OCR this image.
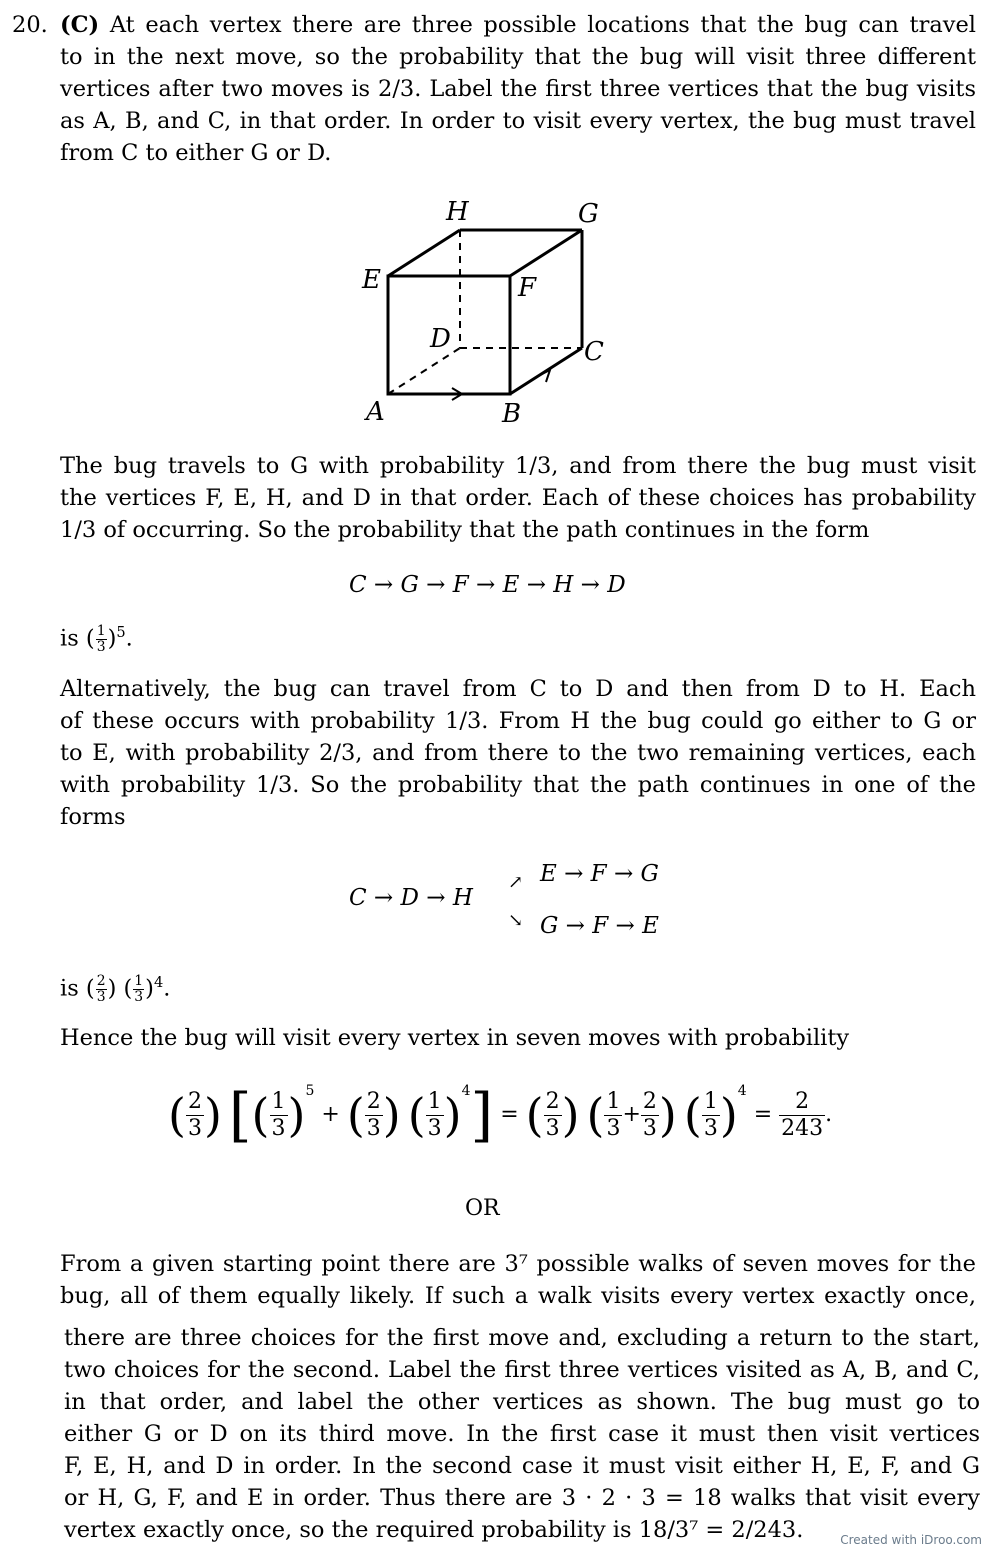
20. (C) At each vertex there are three possible locations that the bug can travel
to in the next move, so the probability that the bug will visit three different
vertices after two moves is 2/3. Label the first three vertices that the bug visits
as A, B, and C, in that order. In order to visit every vertex, the bug must travel
from C to either G or D.
H	G
E	F
D	C
A	B
The bug travels to G with probability 1/3, and from there the bug must visit
the vertices F, E, H, and D in that order. Each of these choices has probability
1/3 of occurring. So the probability that the path continues in the form
C → G → F → E → H → D
is ( $\frac{1}{3} )^5$.
Alternatively, the bug can travel from C to D and then from D to H. Each
of these occurs with probability 1/3. From H the bug could go either to G or
to E, with probability 2/3, and from there to the two remaining vertices, each
with probability 1/3. So the probability that the path continues in one of the
forms
C → D → H
↗
↘
E → F → G
G → F → E
is ( $\frac{2}{3}$ ) ( $\frac{1}{3} )^4$.
Hence the bug will visit every vertex in seven moves with probability
( $\frac{2}{3}$ ) [( $\frac{1}{3} )^5$ + ( $\frac{2}{3}$ ) ( $\frac{1}{3} )^4$] = ( $\frac{2}{3}$ ) ( $\frac{1}{3} + \frac{2}{3}$ ) ( $\frac{1}{3} )^4 = \frac{2}{243}$ .
OR
From a given starting point there are 3⁷ possible walks of seven moves for the
bug, all of them equally likely. If such a walk visits every vertex exactly once,
there are three choices for the first move and, excluding a return to the start,
two choices for the second. Label the first three vertices visited as A, B, and C,
in that order, and label the other vertices as shown. The bug must go to
either G or D on its third move. In the first case it must then visit vertices
F, E, H, and D in order. In the second case it must visit either H, E, F, and G
or H, G, F, and E in order. Thus there are 3 · 2 · 3 = 18 walks that visit every
vertex exactly once, so the required probability is 18/3⁷ = 2/243.	Created with iDroo.com
